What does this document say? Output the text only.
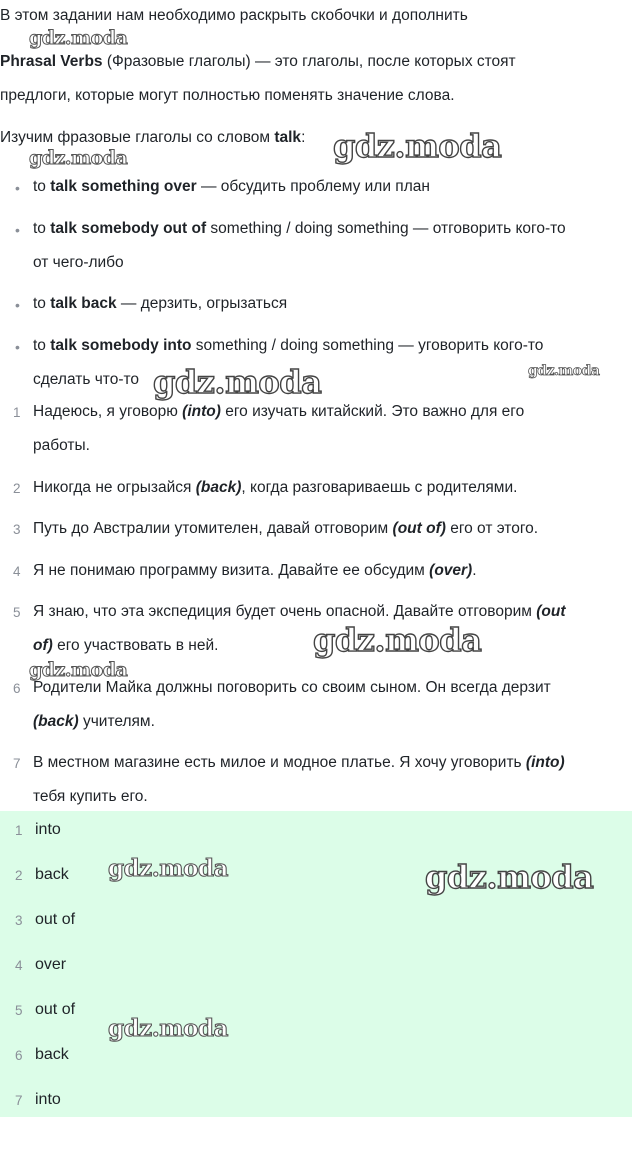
В этом задании нам необходимо раскрыть скобочки и дополнить
Phrasal Verbs (Фразовые глаголы) — это глаголы, после которых стоят
предлоги, которые могут полностью поменять значение слова.
Изучим фразовые глаголы со словом talk:
•
to talk something over — обсудить проблему или план
•
to talk somebody out of something / doing something — отговорить кого-то
от чего-либо
•
to talk back — дерзить, огрызаться
•
to talk somebody into something / doing something — уговорить кого-то
сделать что-то
1 Надеюсь, я уговорю (into) его изучать китайский. Это важно для его
работы.
2 Никогда не огрызайся (back), когда разговариваешь с родителями.
3 Путь до Австралии утомителен, давай отговорим (out of) его от этого.
4 Я не понимаю программу визита. Давайте ее обсудим (over).
5 Я знаю, что эта экспедиция будет очень опасной. Давайте отговорим (out
of) его участвовать в ней.
6 Родители Майка должны поговорить со своим сыном. Он всегда дерзит
(back) учителям.
7 В местном магазине есть милое и модное платье. Я хочу уговорить (into)
тебя купить его.
1 into
2 back
3 out of
4 over
5 out of
6 back
7 into
gdz.moda
gdz.moda	gdz.moda
gdz.moda	gdz.moda
gdz.moda
gdz.moda
gdz.moda	gdz.moda
gdz.moda
